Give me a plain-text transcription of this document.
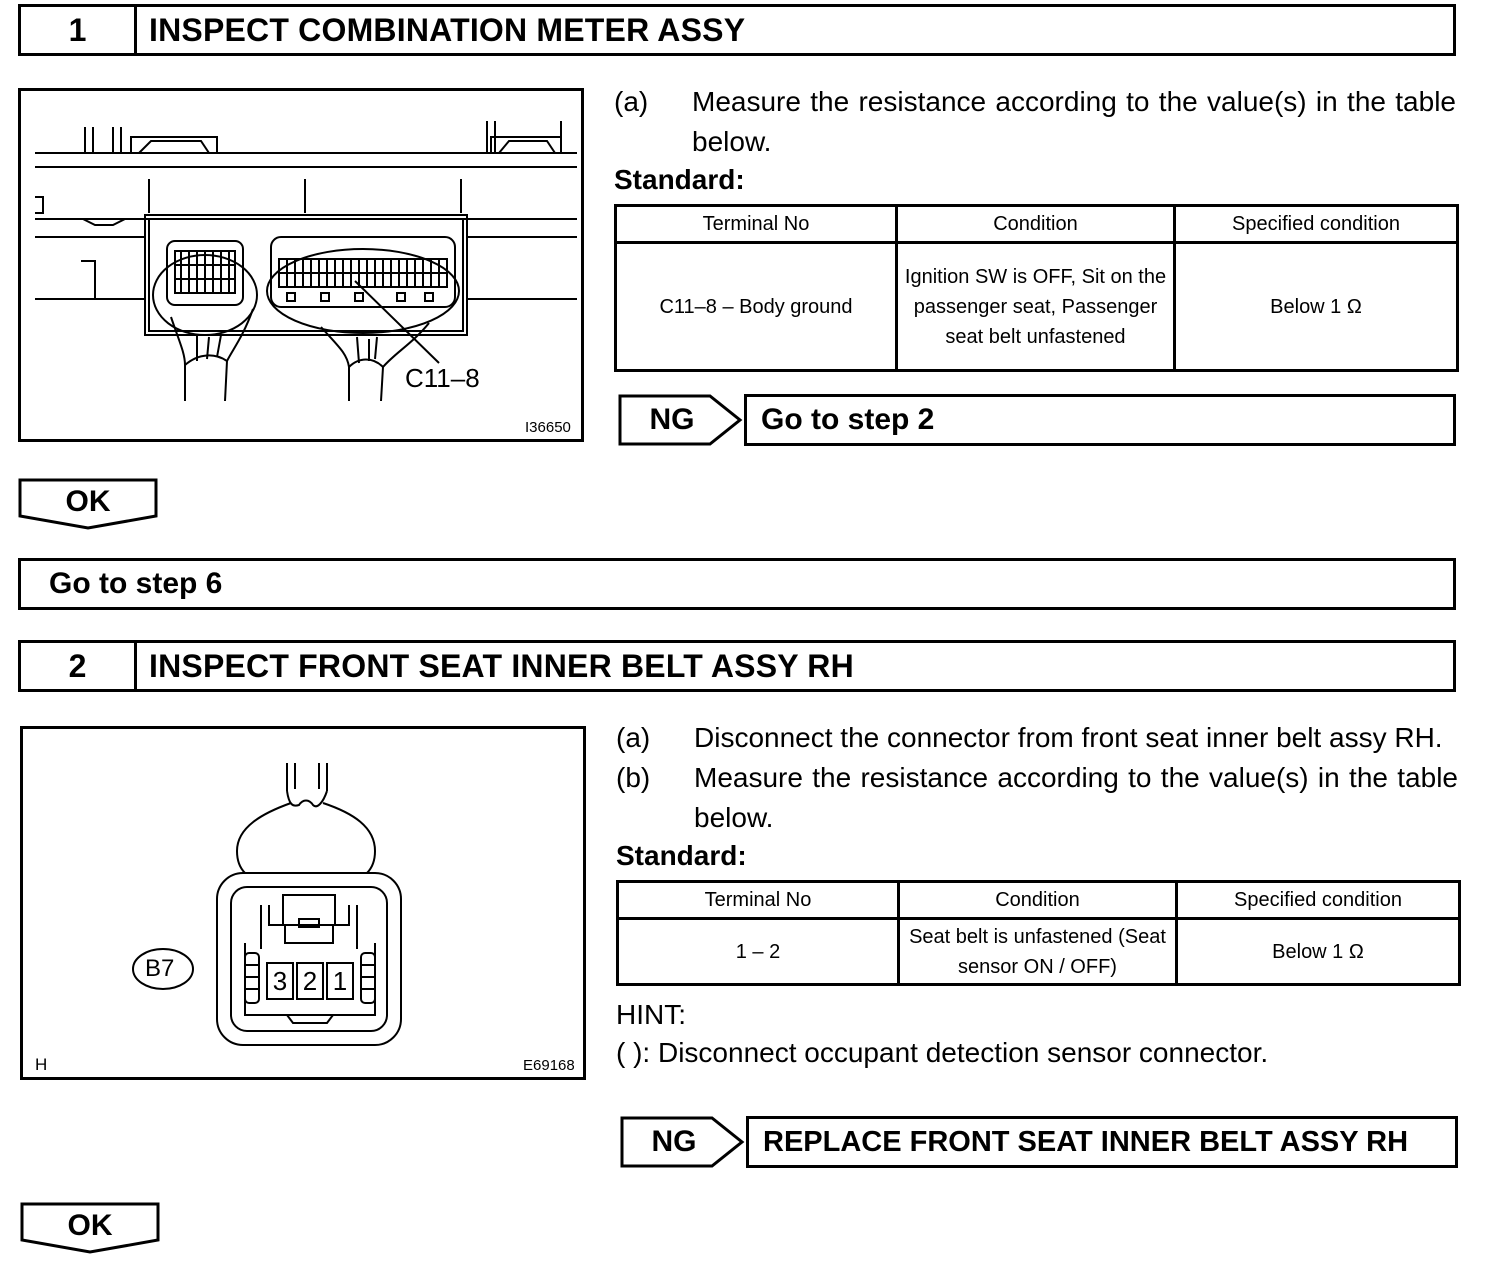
1	INSPECT COMBINATION METER ASSY
C11–8
I36650
(a)	Measure the resistance according to the value(s) in the table below.
Standard:
Terminal No	Condition	Specified condition
C11–8 – Body ground	Ignition SW is OFF, Sit on the passenger seat, Passenger seat belt unfastened	Below 1 Ω
NG	Go to step 2
OK
Go to step 6
2	INSPECT FRONT SEAT INNER BELT ASSY RH
B7	3 2 1
H	E69168
(a)	Disconnect the connector from front seat inner belt assy RH.
(b)	Measure the resistance according to the value(s) in the table below.
Standard:
Terminal No	Condition	Specified condition
1 – 2	Seat belt is unfastened (Seat sensor ON / OFF)	Below 1 Ω
HINT:
( ): Disconnect occupant detection sensor connector.
NG	REPLACE FRONT SEAT INNER BELT ASSY RH
OK
